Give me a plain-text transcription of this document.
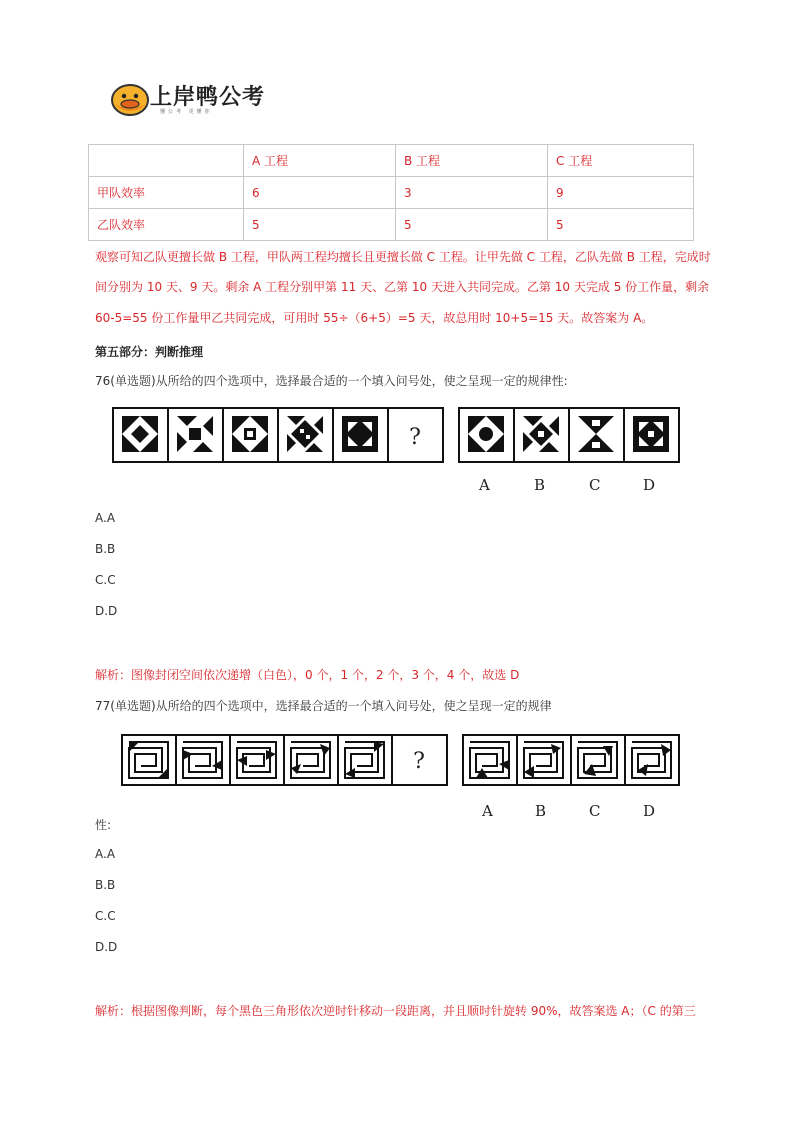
上岸鸭公考
懂公考 更懂你
	A 工程	B 工程	C 工程
甲队效率	6	3	9
乙队效率	5	5	5
观察可知乙队更擅长做 B 工程，甲队两工程均擅长且更擅长做 C 工程。让甲先做 C 工程，乙队先做 B 工程，完成时
间分别为 10 天、9 天。剩余 A 工程分别甲第 11 天、乙第 10 天进入共同完成。乙第 10 天完成 5 份工作量，剩余
60-5=55 份工作量甲乙共同完成，可用时 55÷（6+5）=5 天，故总用时 10+5=15 天。故答案为 A。
第五部分：判断推理
76(单选题)从所给的四个选项中，选择最合适的一个填入问号处，使之呈现一定的规律性:
?
A	B	C	D
A.A
B.B
C.C
D.D
解析：图像封闭空间依次递增（白色），0 个，1 个，2 个，3 个，4 个，故选 D
77(单选题)从所给的四个选项中，选择最合适的一个填入问号处，使之呈现一定的规律
?
A	B	C	D
性:
A.A
B.B
C.C
D.D
解析：根据图像判断，每个黑色三角形依次逆时针移动一段距离，并且顺时针旋转 90%，故答案选 A；（C 的第三
